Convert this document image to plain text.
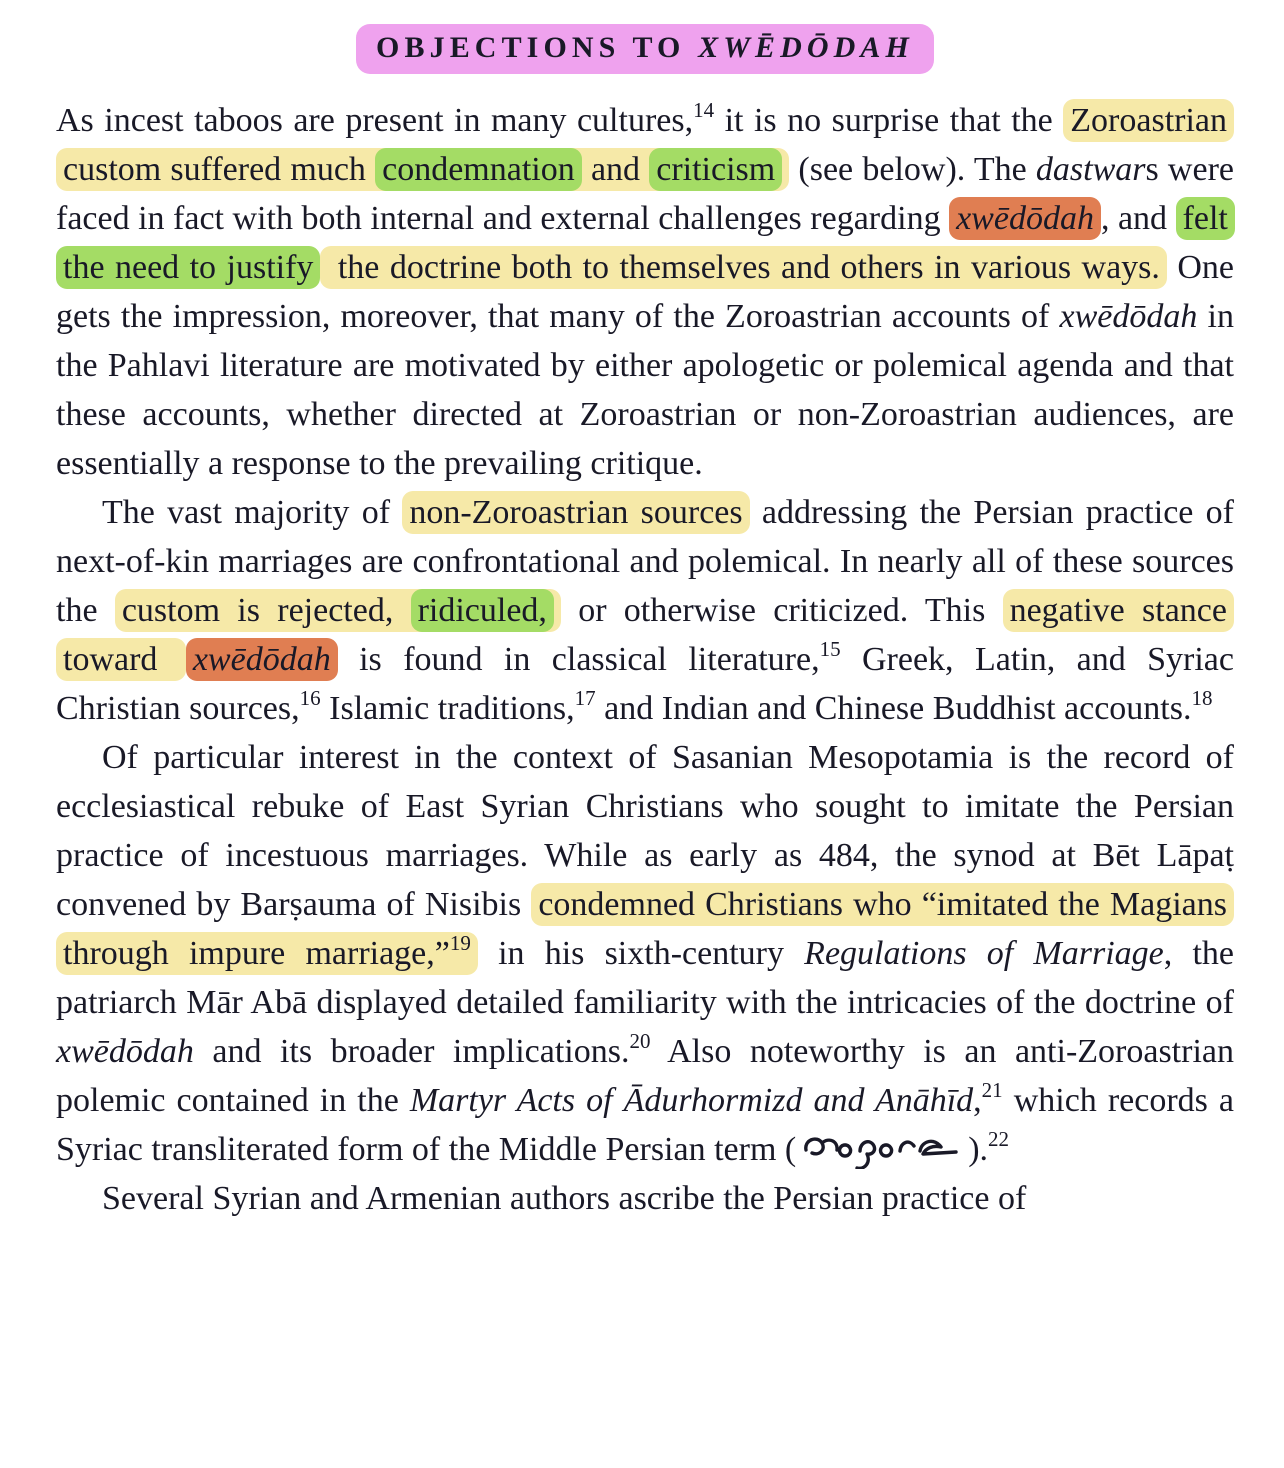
OBJECTIONS TO XWĒDŌDAH

As incest taboos are present in many cultures,$^{14}$ it is no surprise that the Zoroastrian custom suffered much condemnation and criticism (see below). The dastwars were faced in fact with both internal and external challenges regarding xwēdōdah , and felt the need to justify the doctrine both to themselves and others in various ways. One gets the impression, moreover, that many of the Zoroastrian accounts of xwēdōdah in the Pahlavi literature are motivated by either apologetic or polemical agenda and that these accounts, whether directed at Zoroastrian or non-Zoroastrian audiences, are essentially a response to the prevailing critique.

The vast majority of non-Zoroastrian sources addressing the Persian practice of next-of-kin marriages are confrontational and polemical. In nearly all of these sources the custom is rejected, ridiculed, or otherwise criticized. This negative stance toward xwēdōdah is found in classical literature,$^{15}$ Greek, Latin, and Syriac Christian sources,$^{16}$ Islamic traditions,$^{17}$ and Indian and Chinese Buddhist accounts.$^{18}$

Of particular interest in the context of Sasanian Mesopotamia is the record of ecclesiastical rebuke of East Syrian Christians who sought to imitate the Persian practice of incestuous marriages. While as early as 484, the synod at Bēt Lāpaṭ convened by Barṣauma of Nisibis condemned Christians who “imitated the Magians through impure marriage,”$^{19}$ in his sixth-century Regulations of Marriage, the patriarch Mār Abā displayed detailed familiarity with the intricacies of the doctrine of xwēdōdah and its broader implications.$^{20}$ Also noteworthy is an anti-Zoroastrian polemic contained in the Martyr Acts of Ādurhormizd and Anāhīd,$^{21}$ which records a Syriac transliterated form of the Middle Persian term (	).$^{22}$

Several Syrian and Armenian authors ascribe the Persian practice of
